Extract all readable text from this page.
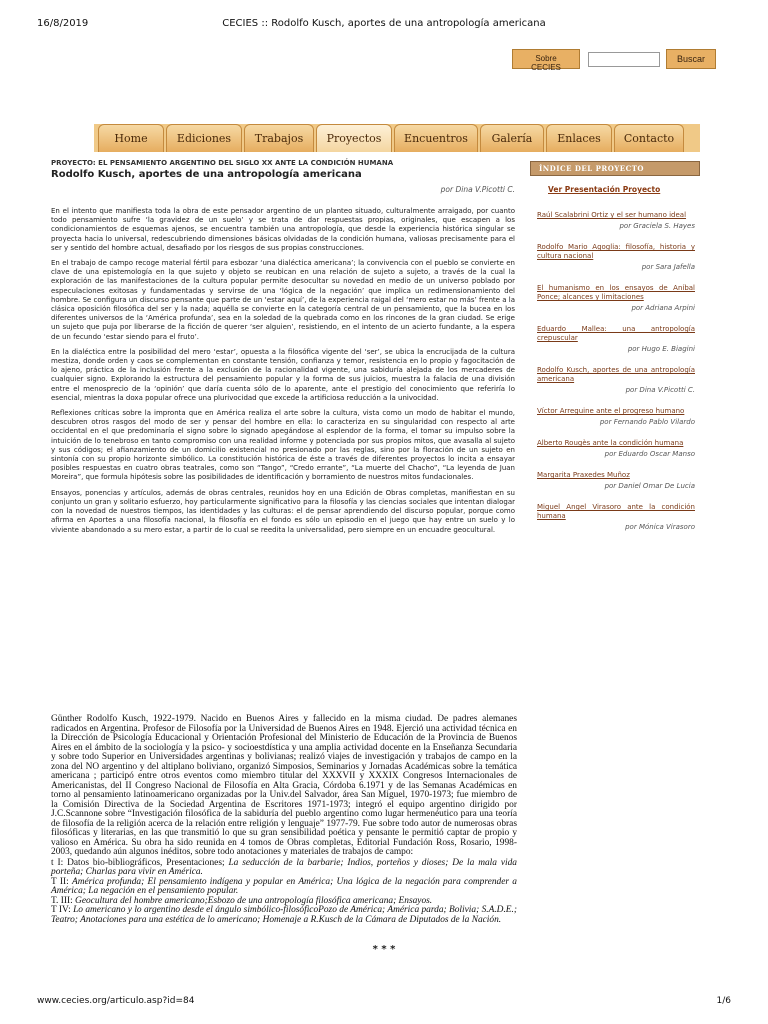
16/8/2019	CECIES :: Rodolfo Kusch, aportes de una antropología americana
Sobre CECIES
Buscar
Home	Ediciones	Trabajos	Proyectos	Encuentros	Galería	Enlaces	Contacto
PROYECTO: EL PENSAMIENTO ARGENTINO DEL SIGLO XX ANTE LA CONDICIÓN HUMANA
Rodolfo Kusch, aportes de una antropología americana
por Dina V.Picotti C.

En el intento que manifiesta toda la obra de este pensador argentino de un planteo situado, culturalmente arraigado, por cuanto todo pensamiento sufre ‘la gravidez de un suelo’ y se trata de dar respuestas propias, originales, que escapen a los condicionamientos de esquemas ajenos, se encuentra también una antropología, que desde la experiencia histórica singular se proyecta hacia lo universal, redescubriendo dimensiones básicas olvidadas de la condición humana, valiosas precisamente para el ser y sentido del hombre actual, desafiado por los riesgos de sus propias construcciones.

En el trabajo de campo recoge material fértil para esbozar ‘una dialéctica americana’; la convivencia con el pueblo se convierte en clave de una epistemología en la que sujeto y objeto se reubican en una relación de sujeto a sujeto, a través de la cual la exploración de las manifestaciones de la cultura popular permite desocultar su novedad en medio de un universo poblado por especulaciones exitosas y fundamentadas y servirse de una ‘lógica de la negación’ que implica un redimensionamiento del hombre. Se configura un discurso pensante que parte de un ‘estar aquí’, de la experiencia raigal del ‘mero estar no más’ frente a la clásica oposición filosófica del ser y la nada; aquélla se convierte en la categoría central de un pensamiento, que la bucea en los diferentes universos de la ‘América profunda’, sea en la soledad de la quebrada como en los rincones de la gran ciudad. Se erige un sujeto que puja por liberarse de la ficción de querer ‘ser alguien’, resistiendo, en el intento de un acierto fundante, a la espera de un fecundo ‘estar siendo para el fruto’.

En la dialéctica entre la posibilidad del mero ‘estar’, opuesta a la filosófica vigente del ‘ser’, se ubica la encrucijada de la cultura mestiza, donde orden y caos se complementan en constante tensión, confianza y temor, resistencia en lo propio y fagocitación de lo ajeno, práctica de la inclusión frente a la exclusión de la racionalidad vigente, una sabiduría alejada de los mercaderes de cualquier signo. Explorando la estructura del pensamiento popular y la forma de sus juicios, muestra la falacia de una división entre el menosprecio de la ‘opinión’ que daría cuenta sólo de lo aparente, ante el prestigio del conocimiento que referiría lo esencial, mientras la doxa popular ofrece una plurivocidad que excede la artificiosa reducción a la univocidad.

Reflexiones críticas sobre la impronta que en América realiza el arte sobre la cultura, vista como un modo de habitar el mundo, descubren otros rasgos del modo de ser y pensar del hombre en ella: lo caracteriza en su singularidad con respecto al arte occidental en el que predominaría el signo sobre lo signado apegándose al esplendor de la forma, el tomar su impulso sobre la intuición de lo tenebroso en tanto compromiso con una realidad informe y potenciada por sus propios mitos, que avasalla al sujeto y sus códigos; el afianzamiento de un domicilio existencial no presionado por las reglas, sino por la floración de un sujeto en sintonía con su propio horizonte simbólico. La constitución histórica de éste a través de diferentes proyectos lo incita a ensayar posibles respuestas en cuatro obras teatrales, como son “Tango”, “Credo errante”, “La muerte del Chacho”, “La leyenda de Juan Moreira”, que formula hipótesis sobre las posibilidades de identificación y borramiento de nuestros mitos fundacionales.

Ensayos, ponencias y artículos, además de obras centrales, reunidos hoy en una Edición de Obras completas, manifiestan en su conjunto un gran y solitario esfuerzo, hoy particularmente significativo para la filosofía y las ciencias sociales que intentan dialogar con la novedad de nuestros tiempos, las identidades y las culturas: el de pensar aprendiendo del discurso popular, porque como afirma en Aportes a una filosofía nacional, la filosofía en el fondo es sólo un episodio en el juego que hay entre un suelo y lo viviente abandonado a su mero estar, a partir de lo cual se reedita la universalidad, pero siempre en un encuadre geocultural.

Günther Rodolfo Kusch, 1922-1979. Nacido en Buenos Aires y fallecido en la misma ciudad. De padres alemanes radicados en Argentina. Profesor de Filosofía por la Universidad de Buenos Aires en 1948. Ejerció una actividad técnica en la Dirección de Psicología Educacional y Orientación Profesional del Ministerio de Educación de la Provincia de Buenos Aires en el ámbito de la sociología y la psico- y socioestdística y una amplia actividad docente en la Enseñanza Secundaria y sobre todo Superior en Universidades argentinas y bolivianas; realizó viajes de investigación y trabajos de campo en la zona del NO argentino y del altiplano boliviano, organizó Simposios, Seminarios y Jornadas Académicas sobre la temática americana ; participó entre otros eventos como miembro titular del XXXVII y XXXIX Congresos Internacionales de Americanistas, del II Congreso Nacional de Filosofía en Alta Gracia, Córdoba 6.1971 y de las Semanas Académicas en torno al pensamiento latinoamericano organizadas por la Univ.del Salvador, área San Miguel, 1970-1973; fue miembro de la Comisión Directiva de la Sociedad Argentina de Escritores 1971-1973; integró el equipo argentino dirigido por J.C.Scannone sobre “Investigación filosófica de la sabiduría del pueblo argentino como lugar hermenéutico para una teoría de filosofía de la religión acerca de la relación entre religión y lenguaje” 1977-79. Fue sobre todo autor de numerosas obras filosóficas y literarias, en las que transmitió lo que su gran sensibilidad poética y pensante le permitió captar de propio y valioso en América. Su obra ha sido reunida en 4 tomos de Obras completas, Editorial Fundación Ross, Rosario, 1998-2003, quedando aún algunos inéditos, sobre todo anotaciones y materiales de trabajos de campo:
t I: Datos bio-bibliográficos, Presentaciones; La seducción de la barbarie; Indios, porteños y dioses; De la mala vida porteña; Charlas para vivir en América.
T II: América profunda; El pensamiento indígena y popular en América; Una lógica de la negación para comprender a América; La negación en el pensamiento popular.
T. III: Geocultura del hombre americano;Esbozo de una antropología filosófica americana; Ensayos.
T IV: Lo americano y lo argentino desde el ángulo simbólico-filosóficoPozo de América; América parda; Bolivia; S.A.D.E.; Teatro; Anotaciones para una estética de lo americano; Homenaje a R.Kusch de la Cámara de Diputados de la Nación.
* * *
ÍNDICE DEL PROYECTO
Ver Presentación Proyecto
Raúl Scalabrini Ortiz y el ser humano ideal
por Graciela S. Hayes
Rodolfo Mario Agoglia: filosofía, historia y cultura nacional
por Sara Jafella
El humanismo en los ensayos de Aníbal Ponce; alcances y limitaciones
por Adriana Arpini
Eduardo Mallea: una antropología crepuscular
por Hugo E. Biagini
Rodolfo Kusch, aportes de una antropología americana
por Dina V.Picotti C.
Víctor Arreguine ante el progreso humano
por Fernando Pablo Vilardo
Alberto Rougès ante la condición humana
por Eduardo Oscar Manso
Margarita Praxedes Muñoz
por Daniel Omar De Lucia
Miguel Angel Virasoro ante la condición humana
por Mónica Virasoro
www.cecies.org/articulo.asp?id=84	1/6
